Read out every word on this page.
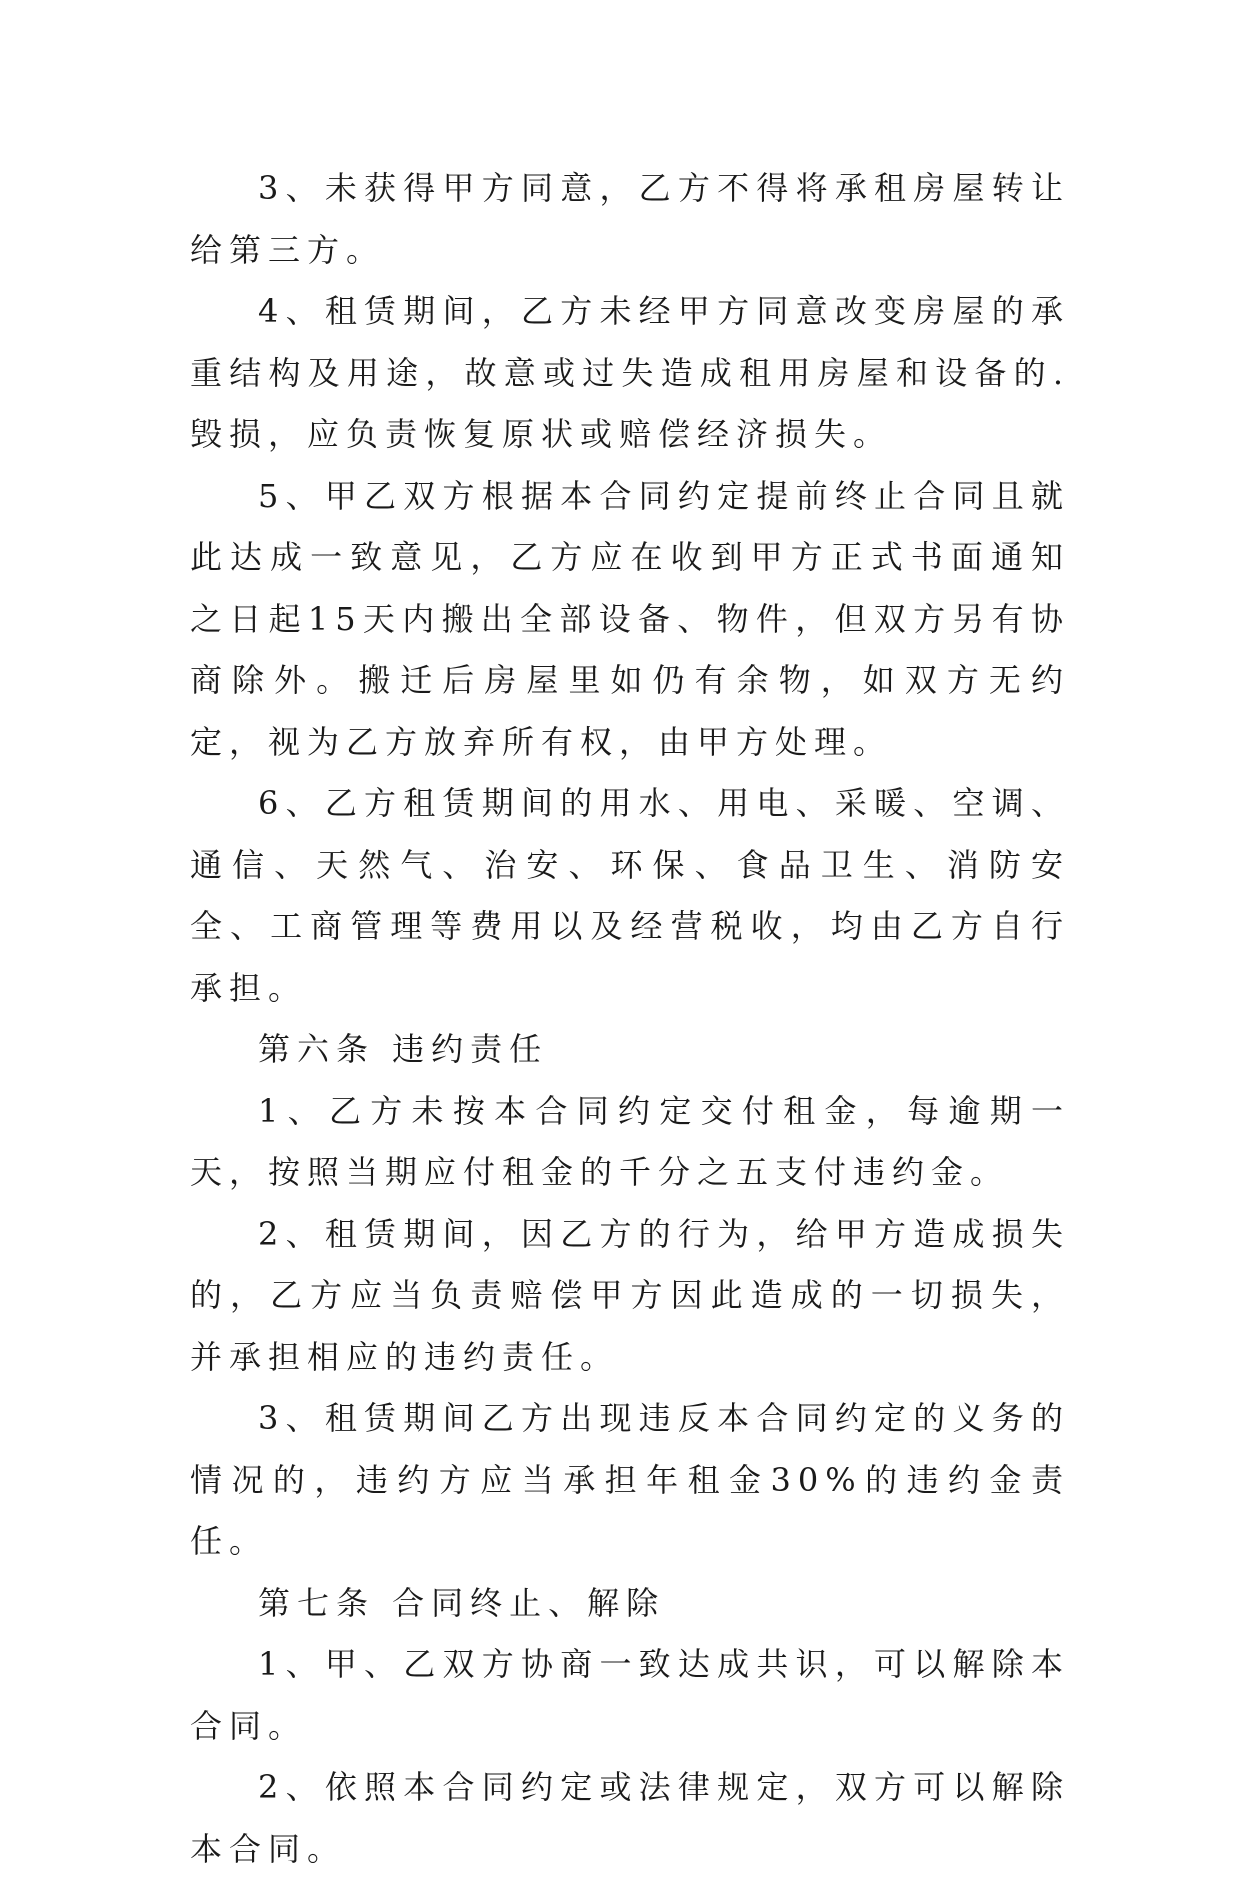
3、未获得甲方同意，乙方不得将承租房屋转让给第三方。

4、租赁期间，乙方未经甲方同意改变房屋的承重结构及用途，故意或过失造成租用房屋和设备的.毁损，应负责恢复原状或赔偿经济损失。

5、甲乙双方根据本合同约定提前终止合同且就此达成一致意见，乙方应在收到甲方正式书面通知之日起15天内搬出全部设备、物件，但双方另有协商除外。搬迁后房屋里如仍有余物，如双方无约定，视为乙方放弃所有权，由甲方处理。

6、乙方租赁期间的用水、用电、采暖、空调、通信、天然气、治安、环保、食品卫生、消防安全、工商管理等费用以及经营税收，均由乙方自行承担。

第六条 违约责任

1、乙方未按本合同约定交付租金，每逾期一天，按照当期应付租金的千分之五支付违约金。

2、租赁期间，因乙方的行为，给甲方造成损失的，乙方应当负责赔偿甲方因此造成的一切损失，并承担相应的违约责任。

3、租赁期间乙方出现违反本合同约定的义务的情况的，违约方应当承担年租金30%的违约金责任。

第七条 合同终止、解除

1、甲、乙双方协商一致达成共识，可以解除本合同。

2、依照本合同约定或法律规定，双方可以解除本合同。
